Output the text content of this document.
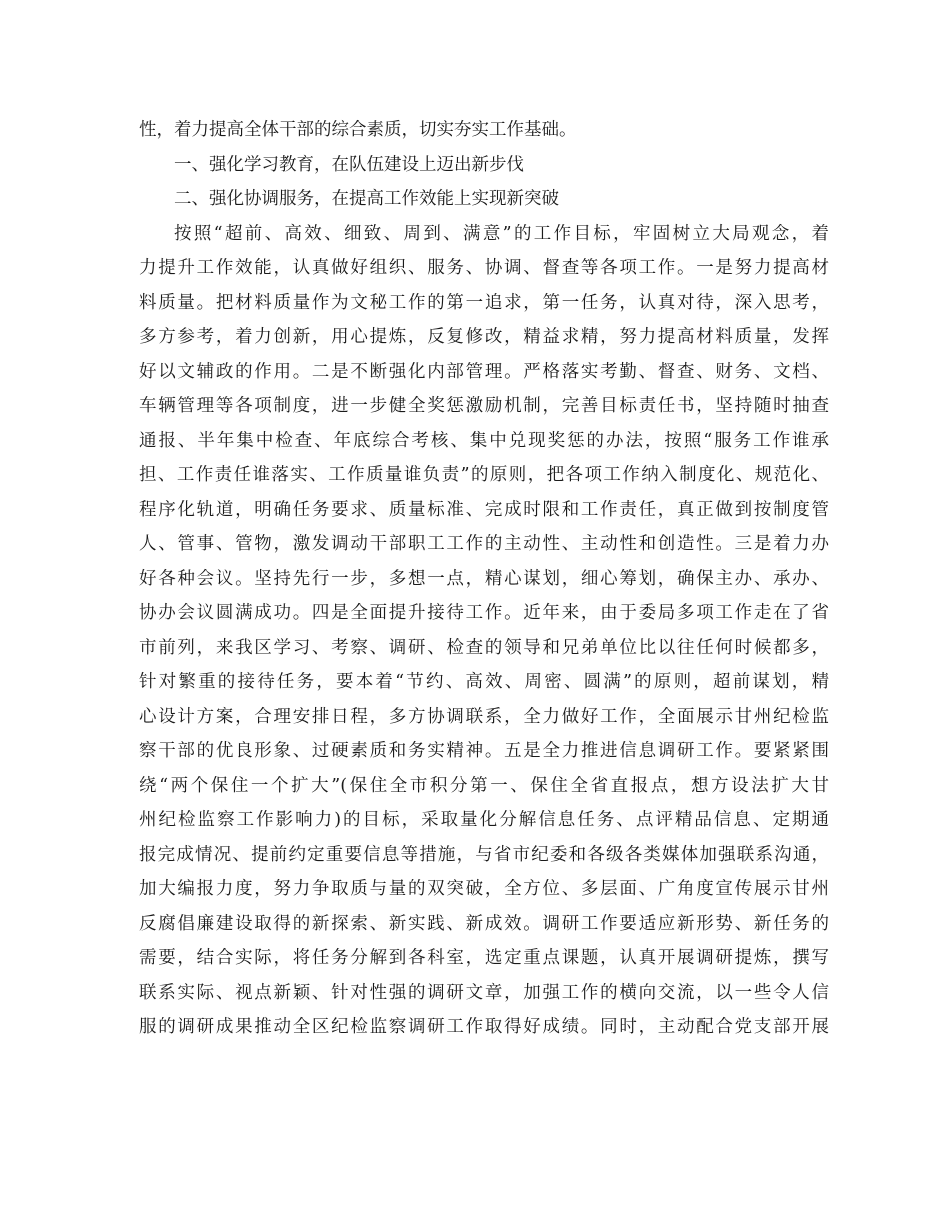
性，着力提高全体干部的综合素质，切实夯实工作基础。
一、强化学习教育，在队伍建设上迈出新步伐
二、强化协调服务，在提高工作效能上实现新突破
按照“超前、高效、细致、周到、满意”的工作目标，牢固树立大局观念，着
力提升工作效能，认真做好组织、服务、协调、督查等各项工作。一是努力提高材
料质量。把材料质量作为文秘工作的第一追求，第一任务，认真对待，深入思考，
多方参考，着力创新，用心提炼，反复修改，精益求精，努力提高材料质量，发挥
好以文辅政的作用。二是不断强化内部管理。严格落实考勤、督查、财务、文档、
车辆管理等各项制度，进一步健全奖惩激励机制，完善目标责任书，坚持随时抽查
通报、半年集中检查、年底综合考核、集中兑现奖惩的办法，按照“服务工作谁承
担、工作责任谁落实、工作质量谁负责”的原则，把各项工作纳入制度化、规范化、
程序化轨道，明确任务要求、质量标准、完成时限和工作责任，真正做到按制度管
人、管事、管物，激发调动干部职工工作的主动性、主动性和创造性。三是着力办
好各种会议。坚持先行一步，多想一点，精心谋划，细心筹划，确保主办、承办、
协办会议圆满成功。四是全面提升接待工作。近年来，由于委局多项工作走在了省
市前列，来我区学习、考察、调研、检查的领导和兄弟单位比以往任何时候都多，
针对繁重的接待任务，要本着“节约、高效、周密、圆满”的原则，超前谋划，精
心设计方案，合理安排日程，多方协调联系，全力做好工作，全面展示甘州纪检监
察干部的优良形象、过硬素质和务实精神。五是全力推进信息调研工作。要紧紧围
绕“两个保住一个扩大”(保住全市积分第一、保住全省直报点，想方设法扩大甘
州纪检监察工作影响力)的目标，采取量化分解信息任务、点评精品信息、定期通
报完成情况、提前约定重要信息等措施，与省市纪委和各级各类媒体加强联系沟通，
加大编报力度，努力争取质与量的双突破，全方位、多层面、广角度宣传展示甘州
反腐倡廉建设取得的新探索、新实践、新成效。调研工作要适应新形势、新任务的
需要，结合实际，将任务分解到各科室，选定重点课题，认真开展调研提炼，撰写
联系实际、视点新颖、针对性强的调研文章，加强工作的横向交流，以一些令人信
服的调研成果推动全区纪检监察调研工作取得好成绩。同时，主动配合党支部开展
